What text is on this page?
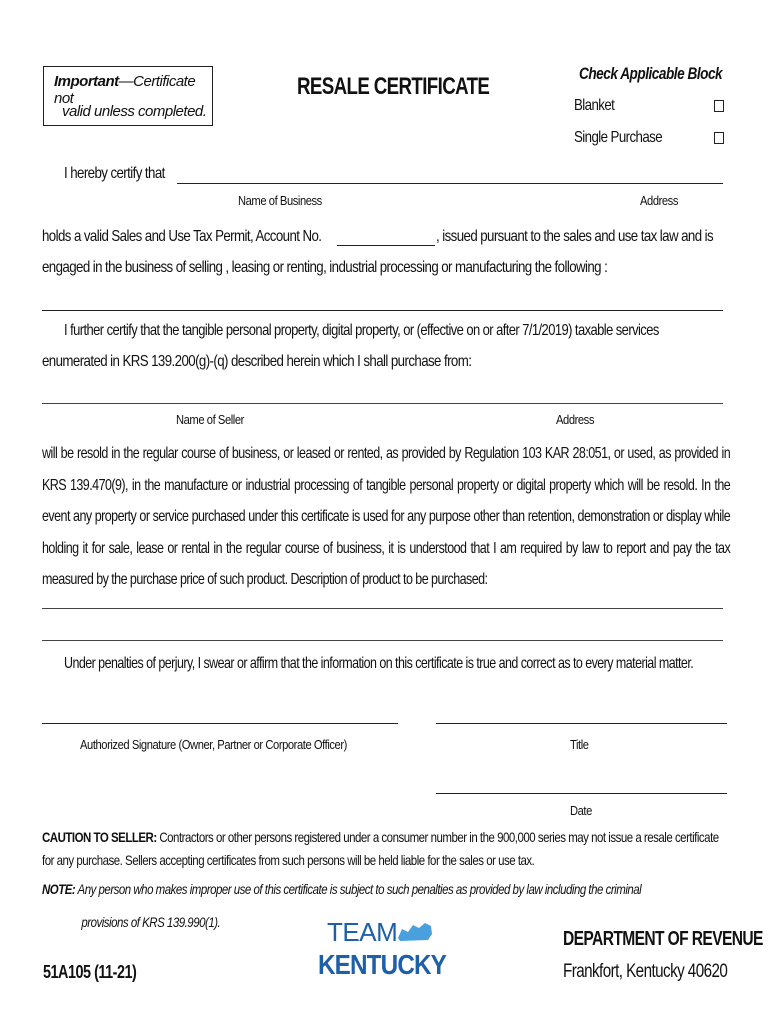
Important—Certificate not
valid unless completed.
RESALE CERTIFICATE	Check Applicable Block
Blanket
Single Purchase
I hereby certify that
Name of Business	Address
holds a valid Sales and Use Tax Permit, Account No.	, issued pursuant to the sales and use tax law and is
engaged in the business of selling , leasing or renting, industrial processing or manufacturing the following :
I further certify that the tangible personal property, digital property, or (effective on or after 7/1/2019) taxable services
enumerated in KRS 139.200(g)-(q) described herein which I shall purchase from:
Name of Seller	Address
will be resold in the regular course of business, or leased or rented, as provided by Regulation 103 KAR 28:051, or used, as provided in KRS 139.470(9), in the manufacture or industrial processing of tangible personal property or digital property which will be resold. In the event any property or service purchased under this certificate is used for any purpose other than retention, demonstration or display while holding it for sale, lease or rental in the regular course of business, it is understood that I am required by law to report and pay the tax measured by the purchase price of such product. Description of product to be purchased:
Under penalties of perjury, I swear or affirm that the information on this certificate is true and correct as to every material matter.
Authorized Signature (Owner, Partner or Corporate Officer)	Title
Date
CAUTION TO SELLER: Contractors or other persons registered under a consumer number in the 900,000 series may not issue a resale certificate for any purchase. Sellers accepting certificates from such persons will be held liable for the sales or use tax.
NOTE: Any person who makes improper use of this certificate is subject to such penalties as provided by law including the criminal
provisions of KRS 139.990(1).
51A105 (11-21)
TEAM
KENTUCKY
DEPARTMENT OF REVENUE
Frankfort, Kentucky 40620
